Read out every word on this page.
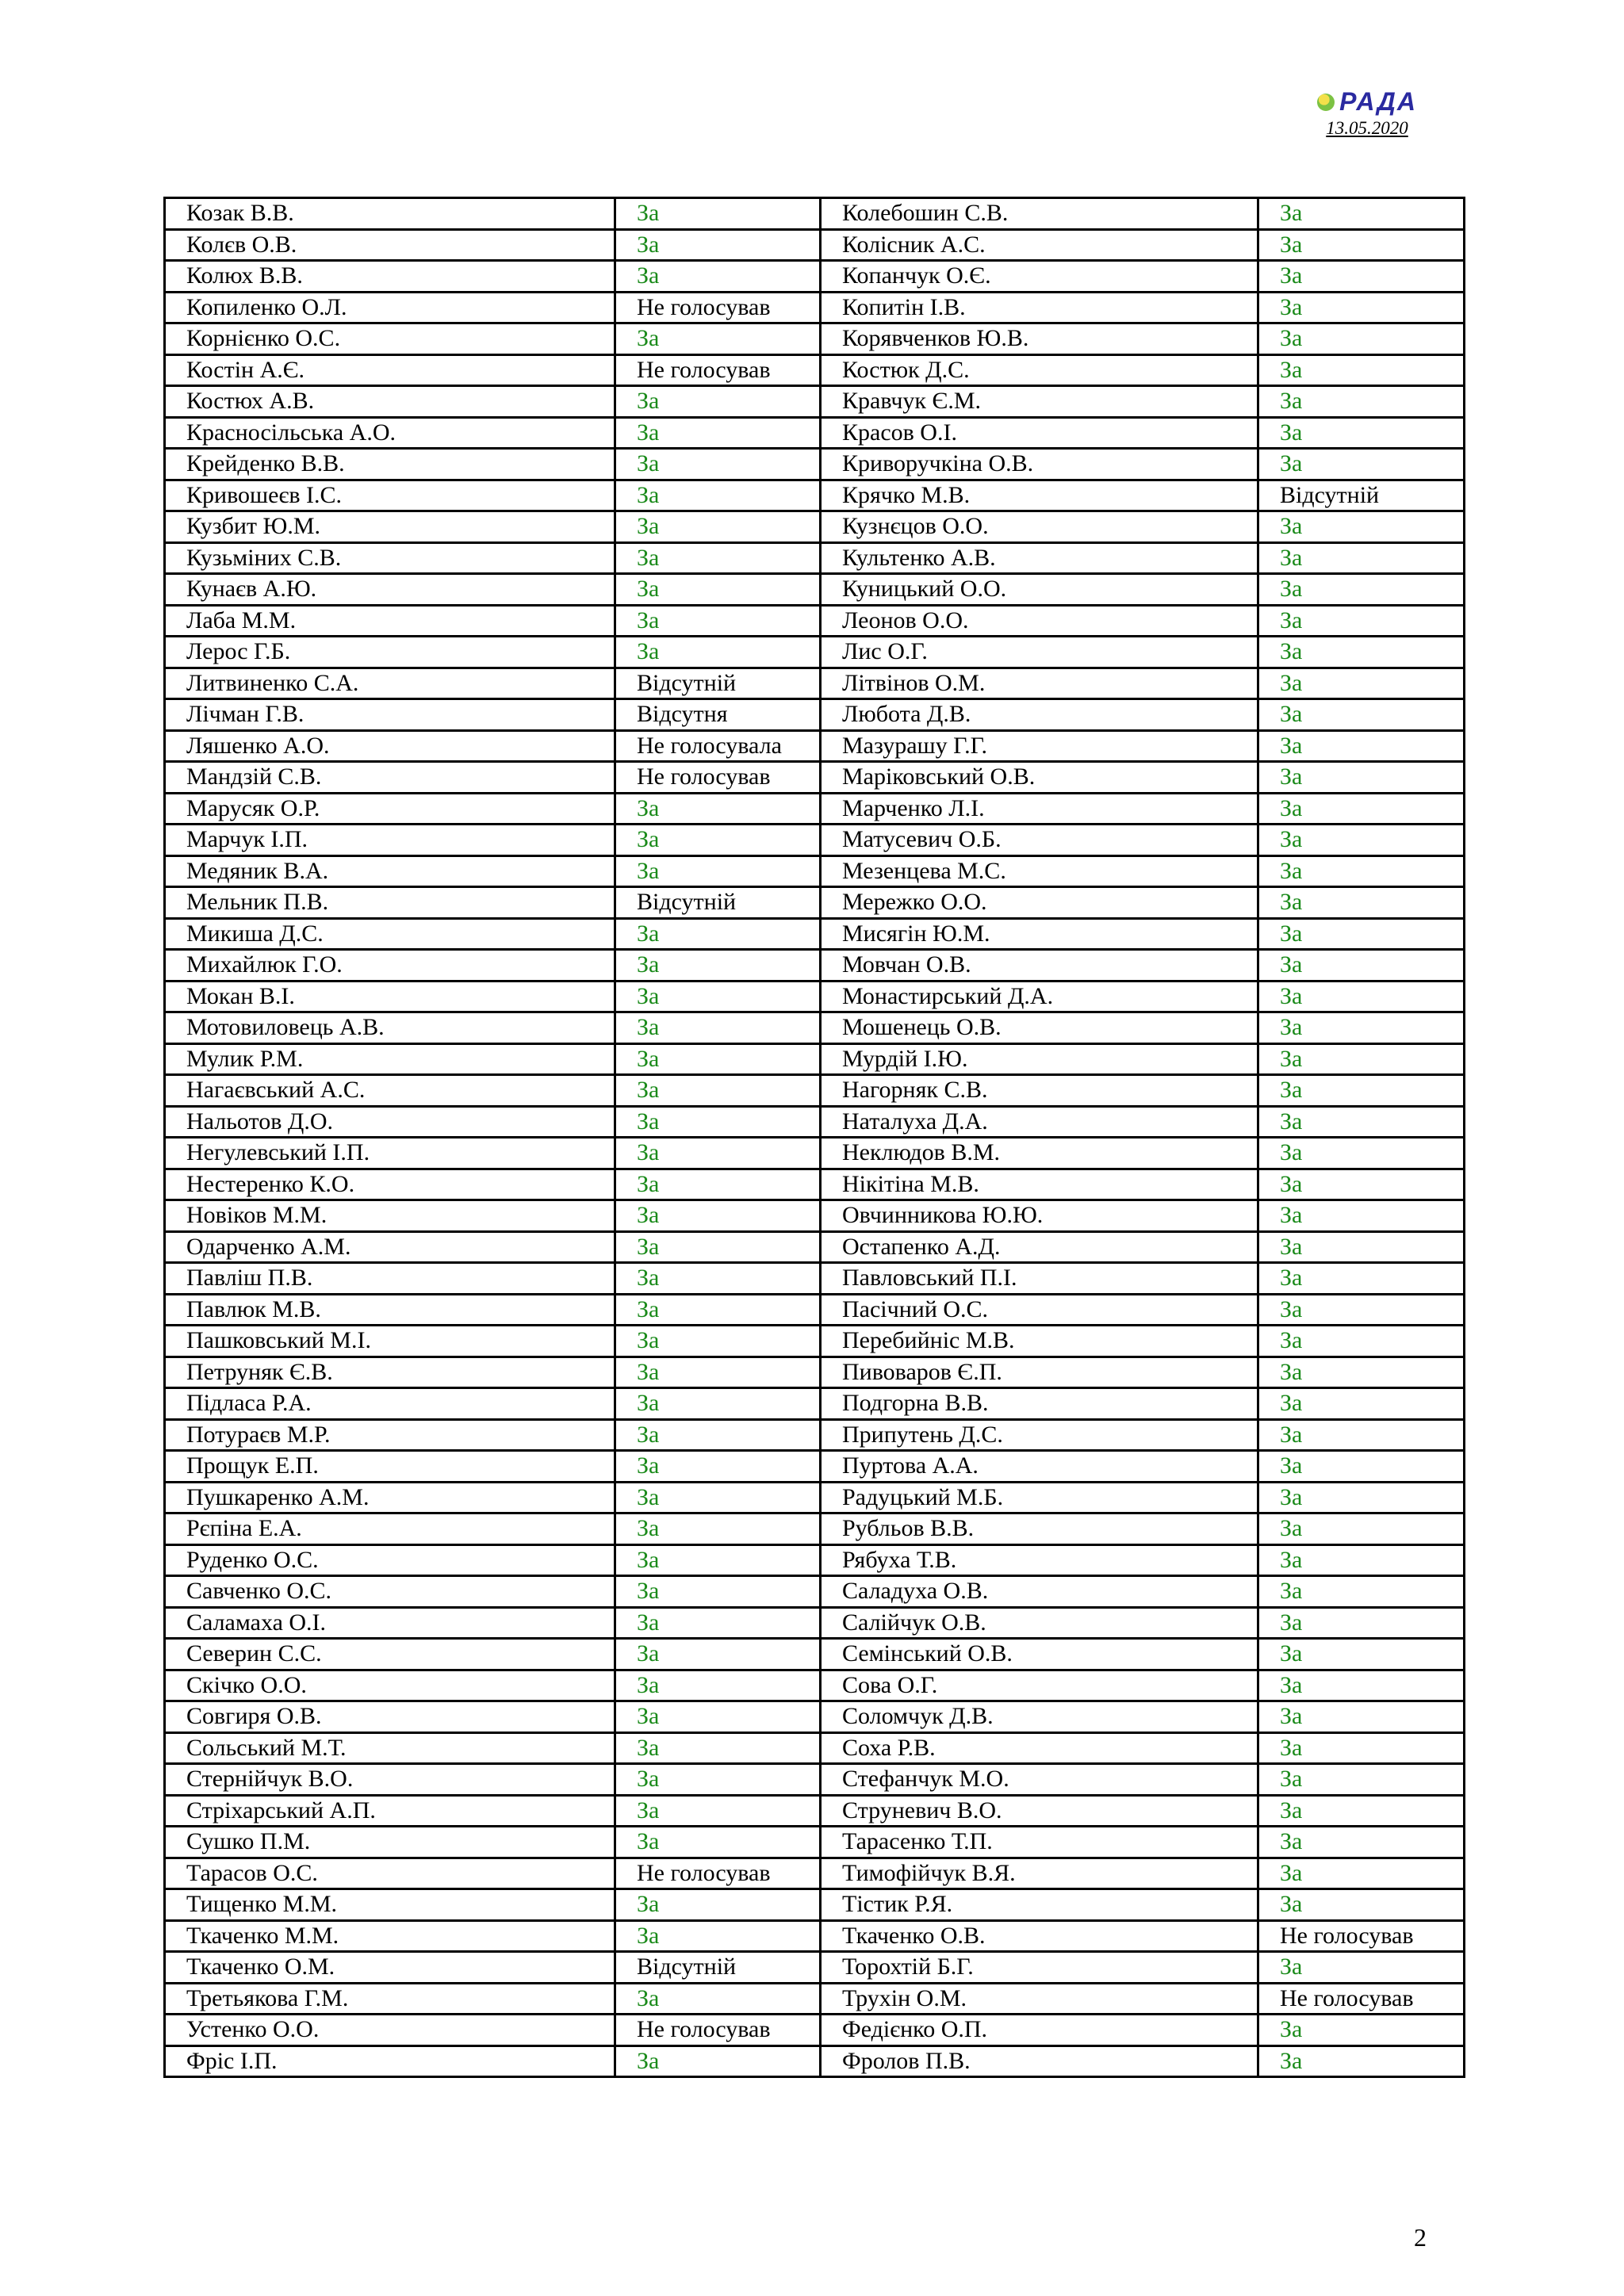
РАДА
13.05.2020
Козак В.В.	За	Колебошин С.В.	За
Колєв О.В.	За	Колісник А.С.	За
Колюх В.В.	За	Копанчук О.Є.	За
Копиленко О.Л.	Не голосував	Копитін І.В.	За
Корнієнко О.С.	За	Корявченков Ю.В.	За
Костін А.Є.	Не голосував	Костюк Д.С.	За
Костюх А.В.	За	Кравчук Є.М.	За
Красносільська А.О.	За	Красов О.І.	За
Крейденко В.В.	За	Криворучкіна О.В.	За
Кривошеєв І.С.	За	Крячко М.В.	Відсутній
Кузбит Ю.М.	За	Кузнєцов О.О.	За
Кузьміних С.В.	За	Культенко А.В.	За
Кунаєв А.Ю.	За	Куницький О.О.	За
Лаба М.М.	За	Леонов О.О.	За
Лерос Г.Б.	За	Лис О.Г.	За
Литвиненко С.А.	Відсутній	Літвінов О.М.	За
Лічман Г.В.	Відсутня	Любота Д.В.	За
Ляшенко А.О.	Не голосувала	Мазурашу Г.Г.	За
Мандзій С.В.	Не голосував	Маріковський О.В.	За
Марусяк О.Р.	За	Марченко Л.І.	За
Марчук І.П.	За	Матусевич О.Б.	За
Медяник В.А.	За	Мезенцева М.С.	За
Мельник П.В.	Відсутній	Мережко О.О.	За
Микиша Д.С.	За	Мисягін Ю.М.	За
Михайлюк Г.О.	За	Мовчан О.В.	За
Мокан В.І.	За	Монастирський Д.А.	За
Мотовиловець А.В.	За	Мошенець О.В.	За
Мулик Р.М.	За	Мурдій І.Ю.	За
Нагаєвський А.С.	За	Нагорняк С.В.	За
Нальотов Д.О.	За	Наталуха Д.А.	За
Негулевський І.П.	За	Неклюдов В.М.	За
Нестеренко К.О.	За	Нікітіна М.В.	За
Новіков М.М.	За	Овчинникова Ю.Ю.	За
Одарченко А.М.	За	Остапенко А.Д.	За
Павліш П.В.	За	Павловський П.І.	За
Павлюк М.В.	За	Пасічний О.С.	За
Пашковський М.І.	За	Перебийніс М.В.	За
Петруняк Є.В.	За	Пивоваров Є.П.	За
Підласа Р.А.	За	Подгорна В.В.	За
Потураєв М.Р.	За	Припутень Д.С.	За
Прощук Е.П.	За	Пуртова А.А.	За
Пушкаренко А.М.	За	Радуцький М.Б.	За
Рєпіна Е.А.	За	Рубльов В.В.	За
Руденко О.С.	За	Рябуха Т.В.	За
Савченко О.С.	За	Саладуха О.В.	За
Саламаха О.І.	За	Салійчук О.В.	За
Северин С.С.	За	Семінський О.В.	За
Скічко О.О.	За	Сова О.Г.	За
Совгиря О.В.	За	Соломчук Д.В.	За
Сольський М.Т.	За	Соха Р.В.	За
Стернійчук В.О.	За	Стефанчук М.О.	За
Стріхарський А.П.	За	Струневич В.О.	За
Сушко П.М.	За	Тарасенко Т.П.	За
Тарасов О.С.	Не голосував	Тимофійчук В.Я.	За
Тищенко М.М.	За	Тістик Р.Я.	За
Ткаченко М.М.	За	Ткаченко О.В.	Не голосував
Ткаченко О.М.	Відсутній	Торохтій Б.Г.	За
Третьякова Г.М.	За	Трухін О.М.	Не голосував
Устенко О.О.	Не голосував	Федієнко О.П.	За
Фріс І.П.	За	Фролов П.В.	За
2
